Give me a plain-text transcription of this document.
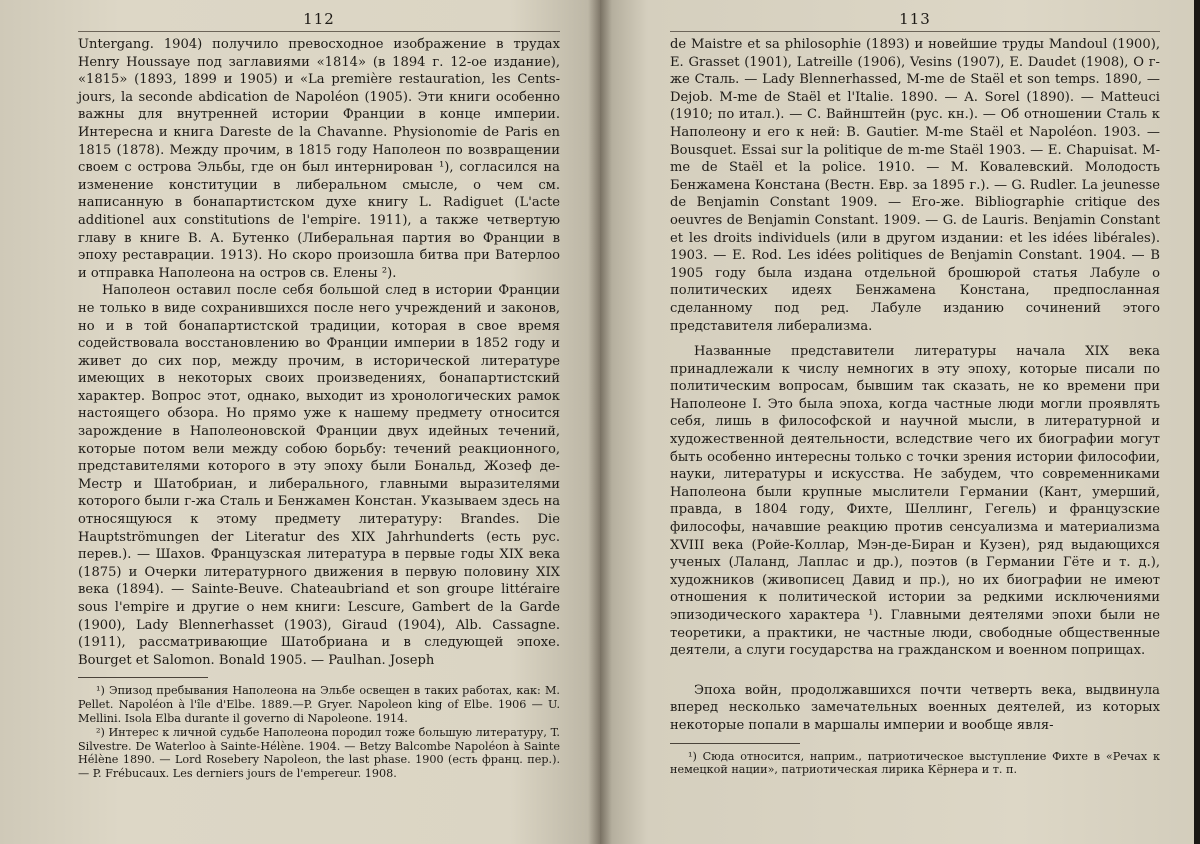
112

Untergang. 1904) получило превосходное изображение в трудах Henry Houssaye под заглавиями «1814» (в 1894 г. 12-ое издание), «1815» (1893, 1899 и 1905) и «La première restauration, les Cents-jours, la seconde abdication de Napoléon (1905). Эти книги особенно важны для внутренней истории Франции в конце империи. Интересна и книга Dareste de la Chavanne. Physionomie de Paris en 1815 (1878). Между прочим, в 1815 году Наполеон по возвращении своем с острова Эльбы, где он был интернирован ¹), согласился на изменение конституции в либеральном смысле, о чем см. написанную в бонапартистском духе книгу L. Radiguet (L'acte additionel aux constitutions de l'empire. 1911), а также четвертую главу в книге В. А. Бутенко (Либеральная партия во Франции в эпоху реставрации. 1913). Но скоро произошла битва при Ватерлоо и отправка Наполеона на остров св. Елены ²).

Наполеон оставил после себя большой след в истории Франции не только в виде сохранившихся после него учреждений и законов, но и в той бонапартистской традиции, которая в свое время содействовала восстановлению во Франции империи в 1852 году и живет до сих пор, между прочим, в исторической литературе имеющих в некоторых своих произведениях, бонапартистский характер. Вопрос этот, однако, выходит из хронологических рамок настоящего обзора. Но прямо уже к нашему предмету относится зарождение в Наполеоновской Франции двух идейных течений, которые потом вели между собою борьбу: течений реакционного, представителями которого в эту эпоху были Бональд, Жозеф де-Местр и Шатобриан, и либерального, главными выразителями которого были г-жа Сталь и Бенжамен Констан. Указываем здесь на относящуюся к этому предмету литературу: Brandes. Die Hauptströmungen der Literatur des XIX Jahrhunderts (есть рус. перев.). — Шахов. Французская литература в первые годы XIX века (1875) и Очерки литературного движения в первую половину XIX века (1894). — Sainte-Beuve. Chateaubriand et son groupe littéraire sous l'empire и другие о нем книги: Lescure, Gambert de la Garde (1900), Lady Blennerhasset (1903), Giraud (1904), Alb. Cassagne. (1911), рассматривающие Шатобриана и в следующей эпохе. Bourget et Salomon. Bonald 1905. — Paulhan. Joseph

¹) Эпизод пребывания Наполеона на Эльбе освещен в таких работах, как: M. Pellet. Napoléon à l'île d'Elbe. 1889.—P. Gryer. Napoleon king of Elbe. 1906 — U. Mellini. Isola Elba durante il governo di Napoleone. 1914.

²) Интерес к личной судьбе Наполеона породил тоже большую литературу, T. Silvestre. De Waterloo à Sainte-Hélène. 1904. — Betzy Balcombe Napoléon à Sainte Hélène 1890. — Lord Rosebery Napoleon, the last phase. 1900 (есть франц. пер.). — P. Frébucaux. Les derniers jours de l'empereur. 1908.

113

de Maistre et sa philosophie (1893) и новейшие труды Mandoul (1900), E. Grasset (1901), Latreille (1906), Vesins (1907), E. Daudet (1908), О г-же Сталь. — Lady Blennerhassed, M-me de Staël et son temps. 1890, — Dejob. M-me de Staël et l'Italie. 1890. — A. Sorel (1890). — Matteuci (1910; по итал.). — С. Вайнштейн (рус. кн.). — Об отношении Сталь к Наполеону и его к ней: B. Gautier. M-me Staël et Napoléon. 1903. — Bousquet. Essai sur la politique de m-me Staël 1903. — E. Chapuisat. M-me de Staël et la police. 1910. — M. Ковалевский. Молодость Бенжамена Констана (Вестн. Евр. за 1895 г.). — G. Rudler. La jeunesse de Benjamin Constant 1909. — Его-же. Bibliographie critique des oeuvres de Benjamin Constant. 1909. — G. de Lauris. Benjamin Constant et les droits individuels (или в другом издании: et les idées libérales). 1903. — E. Rod. Les idées politiques de Benjamin Constant. 1904. — В 1905 году была издана отдельной брошюрой статья Лабуле о политических идеях Бенжамена Констана, предпосланная сделанному под ред. Лабуле изданию сочинений этого представителя либерализма.

Названные представители литературы начала XIX века принадлежали к числу немногих в эту эпоху, которые писали по политическим вопросам, бывшим так сказать, не ко времени при Наполеоне I. Это была эпоха, когда частные люди могли проявлять себя, лишь в философской и научной мысли, в литературной и художественной деятельности, вследствие чего их биографии могут быть особенно интересны только с точки зрения истории философии, науки, литературы и искусства. Не забудем, что современниками Наполеона были крупные мыслители Германии (Кант, умерший, правда, в 1804 году, Фихте, Шеллинг, Гегель) и французские философы, начавшие реакцию против сенсуализма и материализма XVIII века (Ройе-Коллар, Мэн-де-Биран и Кузен), ряд выдающихся ученых (Лаланд, Лаплас и др.), поэтов (в Германии Гёте и т. д.), художников (живописец Давид и пр.), но их биографии не имеют отношения к политической истории за редкими исключениями эпизодического характера ¹). Главными деятелями эпохи были не теоретики, а практики, не частные люди, свободные общественные деятели, а слуги государства на гражданском и военном поприщах.

Эпоха войн, продолжавшихся почти четверть века, выдвинула вперед несколько замечательных военных деятелей, из которых некоторые попали в маршалы империи и вообще явля-

¹) Сюда относится, наприм., патриотическое выступление Фихте в «Речах к немецкой нации», патриотическая лирика Кёрнера и т. п.
